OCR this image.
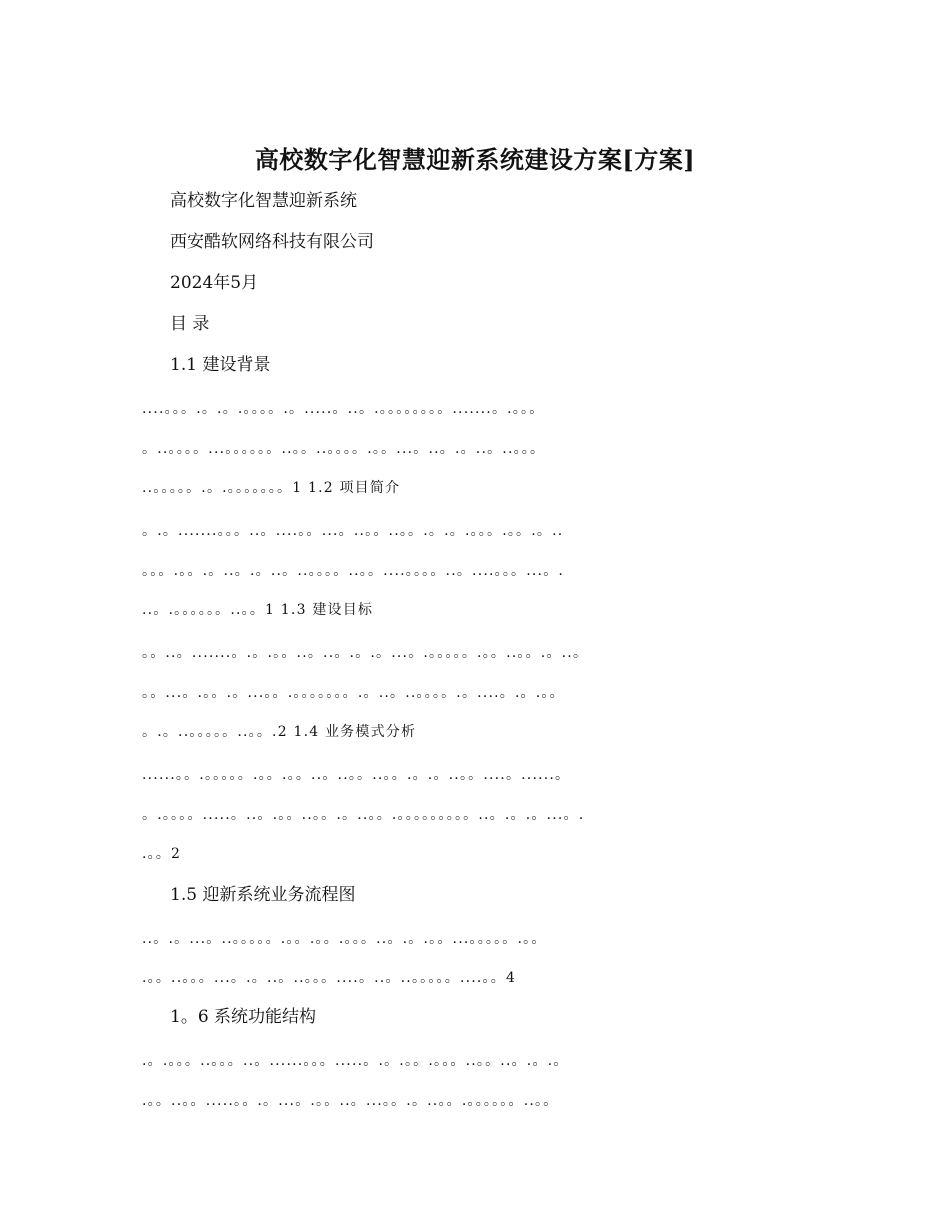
高校数字化智慧迎新系统建设方案[方案]
高校数字化智慧迎新系统
西安酷软网络科技有限公司
2024年5月
目 录
1.1 建设背景
....。。。.。.。.。。。。.。.....。..。.。。。。。。。。.......。.。。。
。..。。。。...。。。。。。..。。..。。。。.。。...。..。.。..。..。。。
..。。。。。.。.。。。。。。。1 1.2 项目简介
。.。.......。。。..。....。。...。..。。..。。.。.。.。。。.。。.。..
。。。.。。.。..。.。..。..。。。。..。。....。。。。..。....。。。...。.
..。.。。。。。。..。。1 1.3 建设目标
。。..。.......。.。.。。..。..。.。.。...。.。。。。。.。。..。。.。..。
。。...。.。。.。...。。.。。。。。。。.。..。..。。。。.。....。.。.。。
。.。..。。。。。..。。.2 1.4 业务模式分析
......。。.。。。。。.。。.。。..。..。。..。。.。.。..。。....。......。
。.。。。。.....。..。.。。..。。.。..。。.。。。。。。。。。..。.。.。...。.
.。。2
1.5 迎新系统业务流程图
..。.。...。..。。。。。.。。.。。.。。。..。.。.。。...。。。。。.。。
.。。..。。。...。.。..。..。。。....。..。..。。。。。....。。4
1。6 系统功能结构
.。.。。。..。。。..。......。。。.....。.。.。。.。。。..。。..。.。.。
.。。..。。.....。。.。...。.。。..。...。。.。..。。.。。。。。。..。。
